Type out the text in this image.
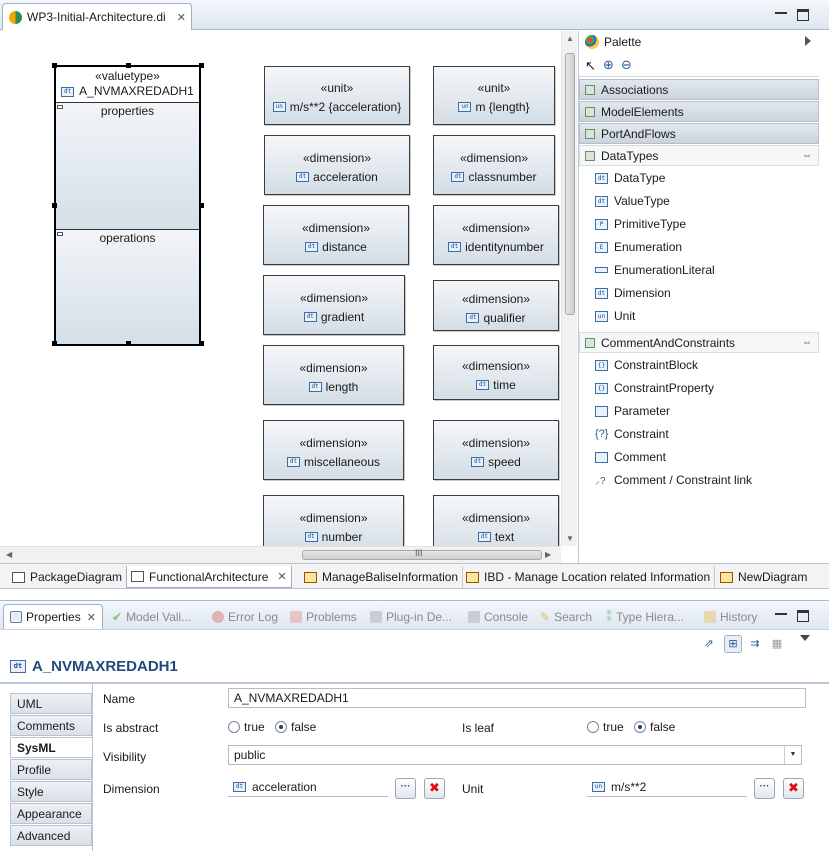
WP3-Initial-Architecture.di ✕
«valuetype»
dt A_NVMAXREDADH1
properties
operations
«unit»
un m/s**2 {acceleration}
«unit»
un m {length}
«dimension»
dt acceleration
«dimension»
dt classnumber
«dimension»
dt distance
«dimension»
dt identitynumber
«dimension»
dt gradient
«dimension»
dt qualifier
«dimension»
dt length
«dimension»
dt time
«dimension»
dt miscellaneous
«dimension»
dt speed
«dimension»
dt number
«dimension»
dt text
▲
▼
◀	III	▶
Palette
↖ ⊕ ⊖
Associations
ModelElements
PortAndFlows
DataTypes	⇔
dt DataType
dt ValueType
P PrimitiveType
E Enumeration
EnumerationLiteral
dt Dimension
un Unit
CommentAndConstraints	⇔
{} ConstraintBlock
{} ConstraintProperty
Parameter
{?} Constraint
Comment
⸝? Comment / Constraint link
PackageDiagram FunctionalArchitecture ✕	ManageBaliseInformation IBD - Manage Location related Information NewDiagram
Properties ✕ ✔ Model Vali...	Error Log Problems Plug-in De...	Console ✎ Search ⁑ Type Hiera...	History
⇗	⊞	⇉	▦
dt A_NVMAXREDADH1
UML
Comments
SysML
Profile
Style
Appearance
Advanced
Name	A_NVMAXREDADH1
Is abstract	true false	Is leaf	true false
Visibility	public	▼
Dimension	dt acceleration	···
✖	Unit	un m/s**2	···
✖
